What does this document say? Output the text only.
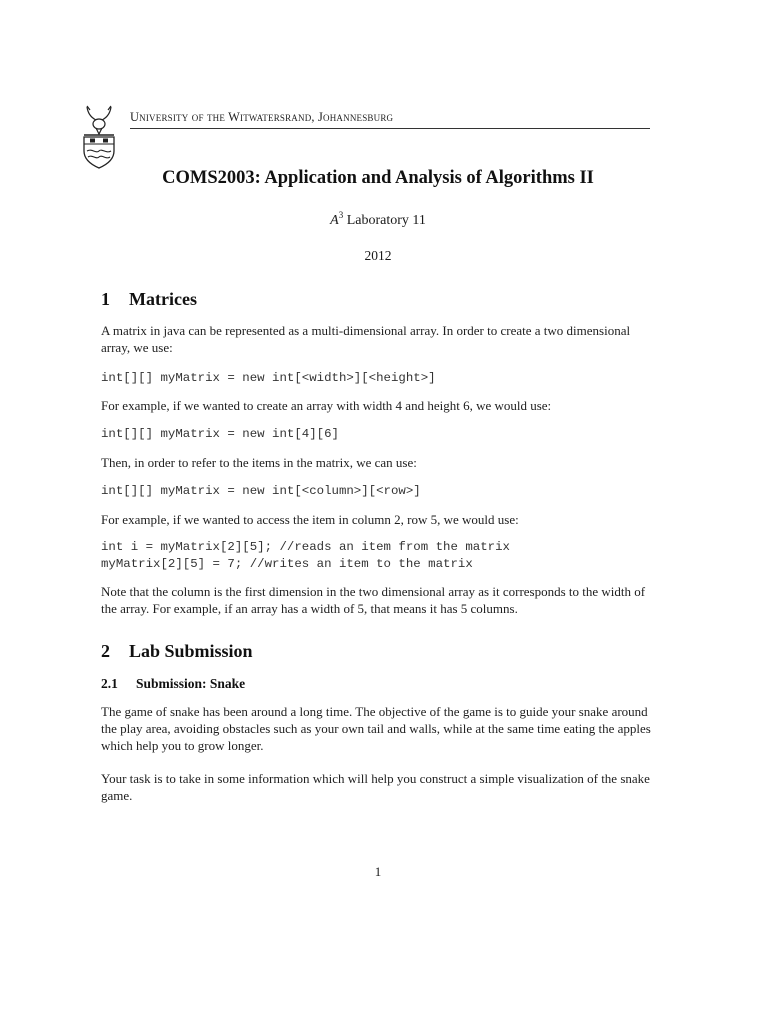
University of the Witwatersrand, Johannesburg
COMS2003: Application and Analysis of Algorithms II
$A^3$ Laboratory 11
2012
1 Matrices
A matrix in java can be represented as a multi-dimensional array. In order to create a two dimensional array, we use:
int[][] myMatrix = new int[<width>][<height>]
For example, if we wanted to create an array with width 4 and height 6, we would use:
int[][] myMatrix = new int[4][6]
Then, in order to refer to the items in the matrix, we can use:
int[][] myMatrix = new int[<column>][<row>]
For example, if we wanted to access the item in column 2, row 5, we would use:
int i = myMatrix[2][5]; //reads an item from the matrix
myMatrix[2][5] = 7; //writes an item to the matrix
Note that the column is the first dimension in the two dimensional array as it corresponds to the width of the array. For example, if an array has a width of 5, that means it has 5 columns.
2 Lab Submission
2.1 Submission: Snake
The game of snake has been around a long time. The objective of the game is to guide your snake around the play area, avoiding obstacles such as your own tail and walls, while at the same time eating the apples which help you to grow longer.
Your task is to take in some information which will help you construct a simple visualization of the snake game.
1
